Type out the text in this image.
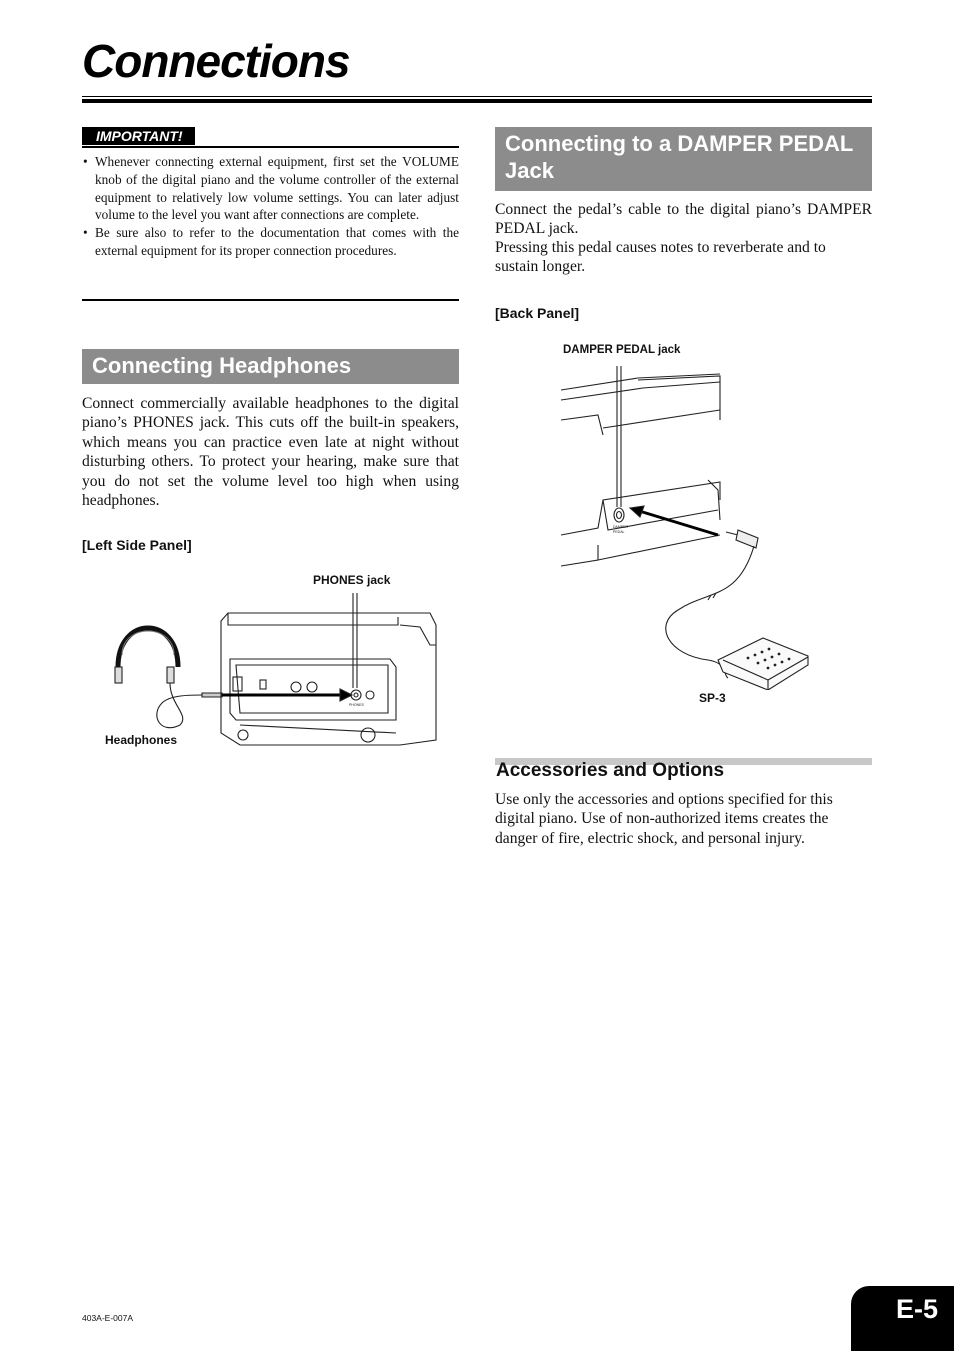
Connections
IMPORTANT!
• Whenever connecting external equipment, first set the VOLUME knob of the digital piano and the volume controller of the external equipment to relatively low volume settings. You can later adjust volume to the level you want after connections are complete.
• Be sure also to refer to the documentation that comes with the external equipment for its proper connection procedures.
Connecting Headphones
Connect commercially available headphones to the digital piano’s PHONES jack. This cuts off the built-in speakers, which means you can practice even late at night without disturbing others. To protect your hearing, make sure that you do not set the volume level too high when using headphones.
[Left Side Panel]
PHONES jack
Headphones
PHONES
Connecting to a DAMPER PEDAL Jack
Connect the pedal’s cable to the digital piano’s DAMPER PEDAL jack.
Pressing this pedal causes notes to reverberate and to sustain longer.
[Back Panel]
DAMPER PEDAL jack
SP-3
DAMPER
PEDAL
Accessories and Options
Use only the accessories and options specified for this digital piano. Use of non-authorized items creates the danger of fire, electric shock, and personal injury.
403A-E-007A	E-5
